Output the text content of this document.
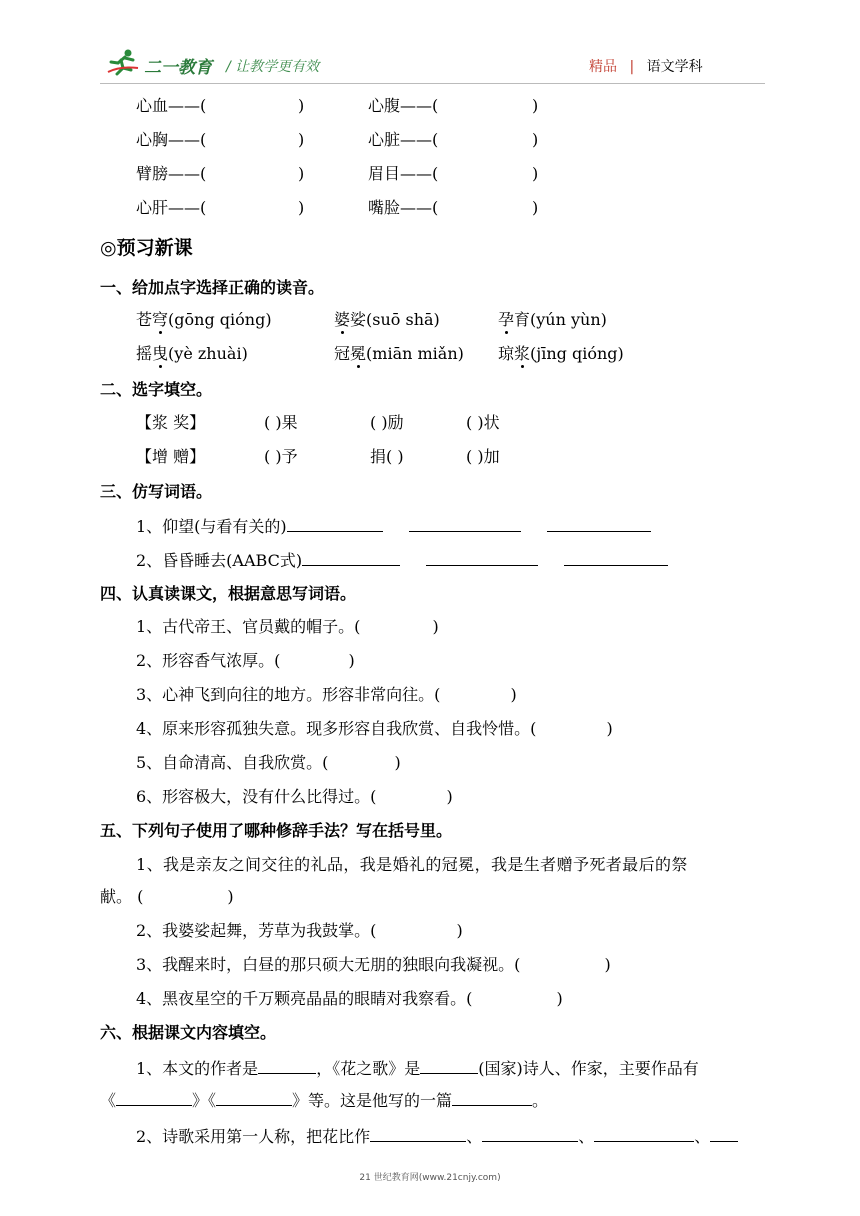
二一教育 / 让教学更有效	精品 | 语文学科
心血——(	)	心腹——(	)
心胸——(	)	心脏——(	)
臂膀——(	)	眉目——(	)
心肝——(	)	嘴脸——(	)
◎预习新课
一、给加点字选择正确的读音。
苍穹(gōng qióng)	婆娑(suō shā)	孕育(yún yùn)
摇曳(yè zhuài)	冠冕(miān miǎn) 琼浆(jīng qióng)
二、选字填空。
【浆 奖】	( )果	( )励	( )状
【增 赠】	( )予	捐( )	( )加
三、仿写词语。
1、仰望(与看有关的)
2、昏昏睡去(AABC式)
四、认真读课文，根据意思写词语。
1、古代帝王、官员戴的帽子。(	)
2、形容香气浓厚。(	)
3、心神飞到向往的地方。形容非常向往。(	)
4、原来形容孤独失意。现多形容自我欣赏、自我怜惜。(	)
5、自命清高、自我欣赏。(	)
6、形容极大，没有什么比得过。(	)
五、下列句子使用了哪种修辞手法？写在括号里。
1、我是亲友之间交往的礼品，我是婚礼的冠冕，我是生者赠予死者最后的祭
献。 (	)
2、我婆娑起舞，芳草为我鼓掌。(	)
3、我醒来时，白昼的那只硕大无朋的独眼向我凝视。(	)
4、黑夜星空的千万颗亮晶晶的眼睛对我察看。(	)
六、根据课文内容填空。
1、本文的作者是	，《花之歌》是	(国家)诗人、作家，主要作品有
《	》《	》等。这是他写的一篇	。
2、诗歌采用第一人称，把花比作	、	、	、
21 世纪教育网(www.21cnjy.com)
